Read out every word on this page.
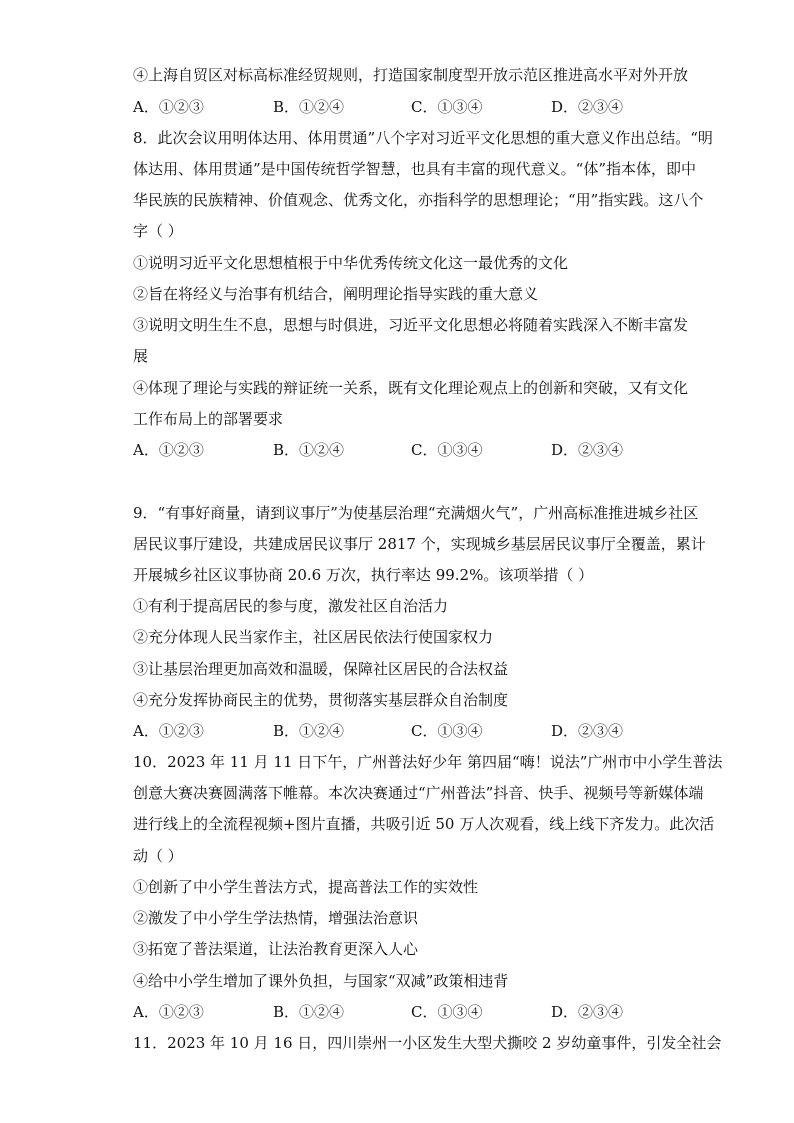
④上海自贸区对标高标准经贸规则，打造国家制度型开放示范区推进高水平对外开放
A．①②③	B．①②④	C．①③④	D．②③④
8．此次会议用明体达用、体用贯通”八个字对习近平文化思想的重大意义作出总结。“明
体达用、体用贯通”是中国传统哲学智慧，也具有丰富的现代意义。“体”指本体，即中
华民族的民族精神、价值观念、优秀文化，亦指科学的思想理论；“用”指实践。这八个
字（ ）
①说明习近平文化思想植根于中华优秀传统文化这一最优秀的文化
②旨在将经义与治事有机结合，阐明理论指导实践的重大意义
③说明文明生生不息，思想与时俱进，习近平文化思想必将随着实践深入不断丰富发
展
④体现了理论与实践的辩证统一关系，既有文化理论观点上的创新和突破，又有文化
工作布局上的部署要求
A．①②③	B．①②④	C．①③④	D．②③④
9．“有事好商量，请到议事厅”为使基层治理“充满烟火气”，广州高标准推进城乡社区
居民议事厅建设，共建成居民议事厅 2817 个，实现城乡基层居民议事厅全覆盖，累计
开展城乡社区议事协商 20.6 万次，执行率达 99.2%。该项举措（ ）
①有利于提高居民的参与度，激发社区自治活力
②充分体现人民当家作主，社区居民依法行使国家权力
③让基层治理更加高效和温暖，保障社区居民的合法权益
④充分发挥协商民主的优势，贯彻落实基层群众自治制度
A．①②③	B．①②④	C．①③④	D．②③④
10．2023 年 11 月 11 日下午，广州普法好少年 第四届“嗨！说法”广州市中小学生普法
创意大赛决赛圆满落下帷幕。本次决赛通过“广州普法”抖音、快手、视频号等新媒体端
进行线上的全流程视频+图片直播，共吸引近 50 万人次观看，线上线下齐发力。此次活
动（ ）
①创新了中小学生普法方式，提高普法工作的实效性
②激发了中小学生学法热情，增强法治意识
③拓宽了普法渠道，让法治教育更深入人心
④给中小学生增加了课外负担，与国家“双减”政策相违背
A．①②③	B．①②④	C．①③④	D．②③④
11．2023 年 10 月 16 日，四川崇州一小区发生大型犬撕咬 2 岁幼童事件，引发全社会
